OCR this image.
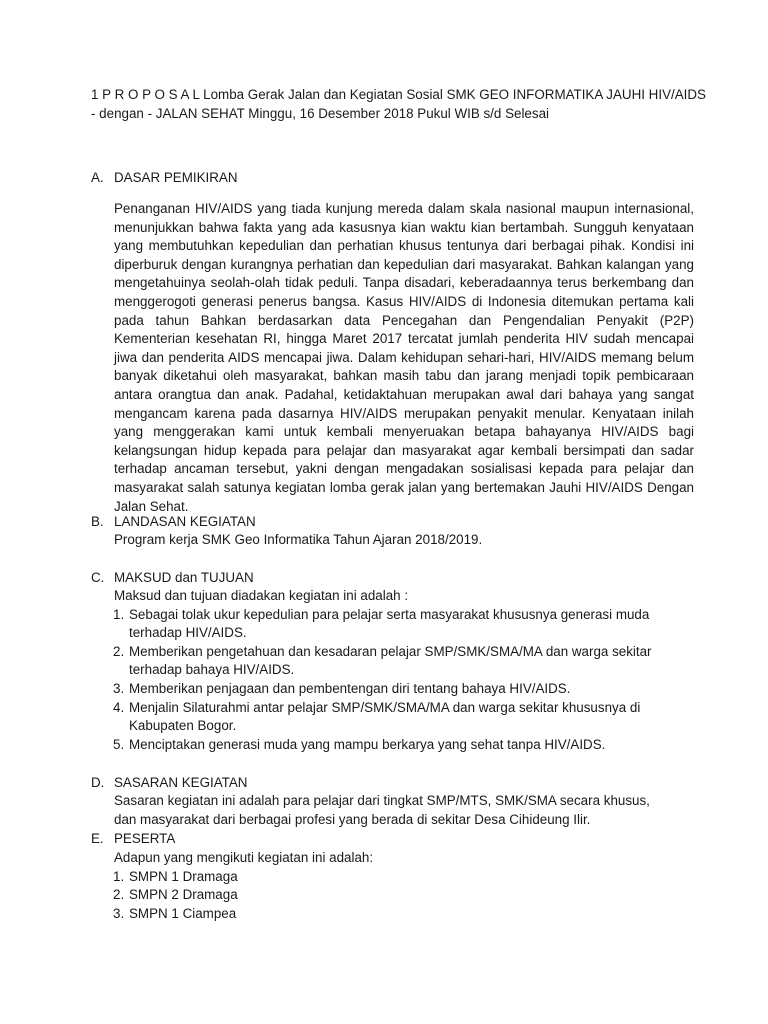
1 P R O P O S A L Lomba Gerak Jalan dan Kegiatan Sosial SMK GEO INFORMATIKA JAUHI HIV/AIDS - dengan - JALAN SEHAT Minggu, 16 Desember 2018 Pukul WIB s/d Selesai

A. DASAR PEMIKIRAN

Penanganan HIV/AIDS yang tiada kunjung mereda dalam skala nasional maupun internasional, menunjukkan bahwa fakta yang ada kasusnya kian waktu kian bertambah. Sungguh kenyataan yang membutuhkan kepedulian dan perhatian khusus tentunya dari berbagai pihak. Kondisi ini diperburuk dengan kurangnya perhatian dan kepedulian dari masyarakat. Bahkan kalangan yang mengetahuinya seolah-olah tidak peduli. Tanpa disadari, keberadaannya terus berkembang dan menggerogoti generasi penerus bangsa. Kasus HIV/AIDS di Indonesia ditemukan pertama kali pada tahun Bahkan berdasarkan data Pencegahan dan Pengendalian Penyakit (P2P) Kementerian kesehatan RI, hingga Maret 2017 tercatat jumlah penderita HIV sudah mencapai jiwa dan penderita AIDS mencapai jiwa. Dalam kehidupan sehari-hari, HIV/AIDS memang belum banyak diketahui oleh masyarakat, bahkan masih tabu dan jarang menjadi topik pembicaraan antara orangtua dan anak. Padahal, ketidaktahuan merupakan awal dari bahaya yang sangat mengancam karena pada dasarnya HIV/AIDS merupakan penyakit menular. Kenyataan inilah yang menggerakan kami untuk kembali menyeruakan betapa bahayanya HIV/AIDS bagi kelangsungan hidup kepada para pelajar dan masyarakat agar kembali bersimpati dan sadar terhadap ancaman tersebut, yakni dengan mengadakan sosialisasi kepada para pelajar dan masyarakat salah satunya kegiatan lomba gerak jalan yang bertemakan Jauhi HIV/AIDS Dengan Jalan Sehat.

B. LANDASAN KEGIATAN

Program kerja SMK Geo Informatika Tahun Ajaran 2018/2019.

C. MAKSUD dan TUJUAN

Maksud dan tujuan diadakan kegiatan ini adalah :

1. Sebagai tolak ukur kepedulian para pelajar serta masyarakat khususnya generasi muda terhadap HIV/AIDS.
2. Memberikan pengetahuan dan kesadaran pelajar SMP/SMK/SMA/MA dan warga sekitar terhadap bahaya HIV/AIDS.
3. Memberikan penjagaan dan pembentengan diri tentang bahaya HIV/AIDS.
4. Menjalin Silaturahmi antar pelajar SMP/SMK/SMA/MA dan warga sekitar khususnya di Kabupaten Bogor.
5. Menciptakan generasi muda yang mampu berkarya yang sehat tanpa HIV/AIDS.
D. SASARAN KEGIATAN

Sasaran kegiatan ini adalah para pelajar dari tingkat SMP/MTS, SMK/SMA secara khusus, dan masyarakat dari berbagai profesi yang berada di sekitar Desa Cihideung Ilir.

E. PESERTA

Adapun yang mengikuti kegiatan ini adalah:

1. SMPN 1 Dramaga
2. SMPN 2 Dramaga
3. SMPN 1 Ciampea
